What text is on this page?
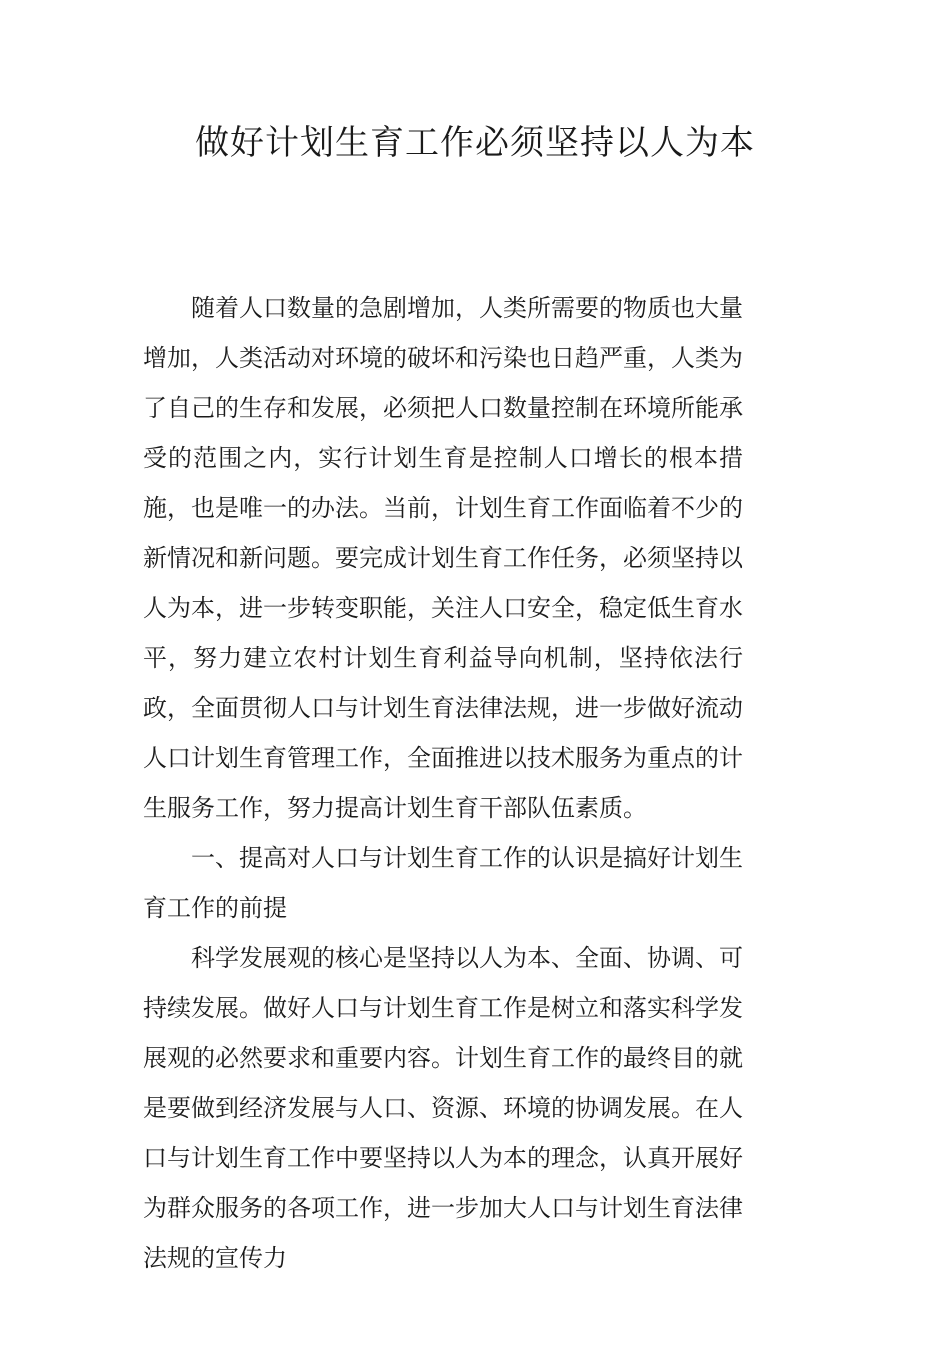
做好计划生育工作必须坚持以人为本

随着人口数量的急剧增加，人类所需要的物质也大量增加，人类活动对环境的破坏和污染也日趋严重，人类为了自己的生存和发展，必须把人口数量控制在环境所能承受的范围之内，实行计划生育是控制人口增长的根本措施，也是唯一的办法。当前，计划生育工作面临着不少的新情况和新问题。要完成计划生育工作任务，必须坚持以人为本，进一步转变职能，关注人口安全，稳定低生育水平，努力建立农村计划生育利益导向机制，坚持依法行政，全面贯彻人口与计划生育法律法规，进一步做好流动人口计划生育管理工作，全面推进以技术服务为重点的计生服务工作，努力提高计划生育干部队伍素质。

一、提高对人口与计划生育工作的认识是搞好计划生育工作的前提

科学发展观的核心是坚持以人为本、全面、协调、可持续发展。做好人口与计划生育工作是树立和落实科学发展观的必然要求和重要内容。计划生育工作的最终目的就是要做到经济发展与人口、资源、环境的协调发展。在人口与计划生育工作中要坚持以人为本的理念，认真开展好为群众服务的各项工作，进一步加大人口与计划生育法律法规的宣传力
